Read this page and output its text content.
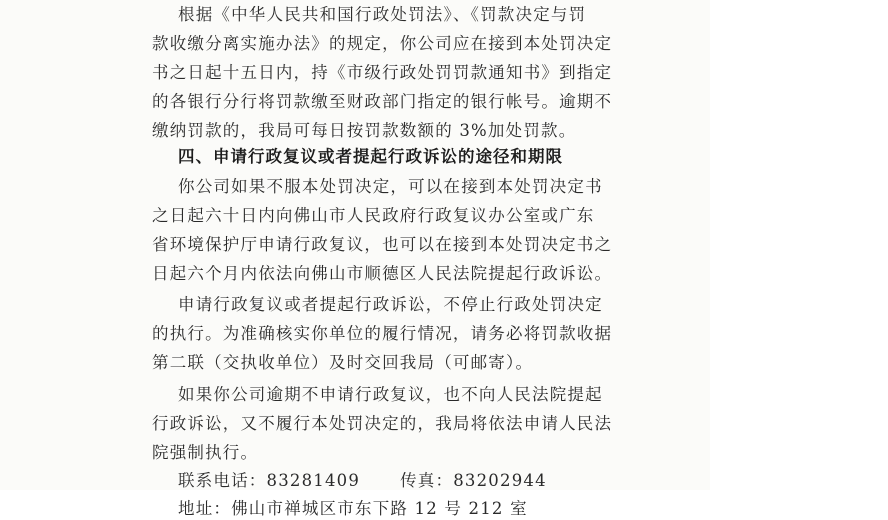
根据《中华人民共和国行政处罚法》、《罚款决定与罚
款收缴分离实施办法》的规定，你公司应在接到本处罚决定
书之日起十五日内，持《市级行政处罚罚款通知书》到指定
的各银行分行将罚款缴至财政部门指定的银行帐号。逾期不
缴纳罚款的，我局可每日按罚款数额的 3%加处罚款。
四、申请行政复议或者提起行政诉讼的途径和期限
你公司如果不服本处罚决定，可以在接到本处罚决定书
之日起六十日内向佛山市人民政府行政复议办公室或广东
省环境保护厅申请行政复议，也可以在接到本处罚决定书之
日起六个月内依法向佛山市顺德区人民法院提起行政诉讼。
申请行政复议或者提起行政诉讼，不停止行政处罚决定
的执行。为准确核实你单位的履行情况，请务必将罚款收据
第二联（交执收单位）及时交回我局（可邮寄）。
如果你公司逾期不申请行政复议，也不向人民法院提起
行政诉讼，又不履行本处罚决定的，我局将依法申请人民法
院强制执行。
联系电话：83281409 传真：83202944
地址：佛山市禅城区市东下路 12 号 212 室
